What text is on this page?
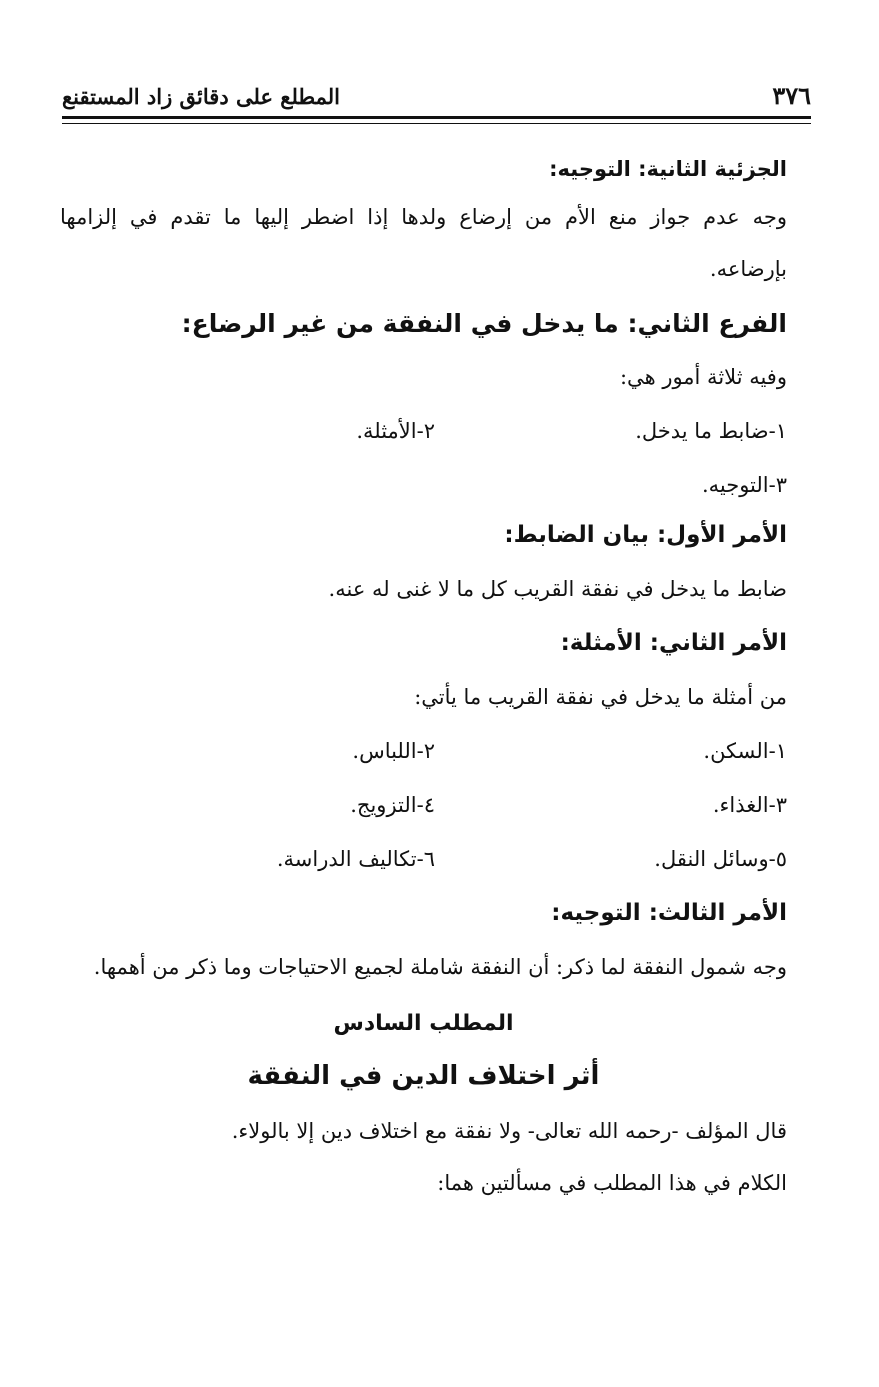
٣٧٦
المطلع على دقائق زاد المستقنع
الجزئية الثانية: التوجيه:
وجه عدم جواز منع الأم من إرضاع ولدها إذا اضطر إليها ما تقدم في إلزامها
بإرضاعه.
الفرع الثاني: ما يدخل في النفقة من غير الرضاع:
وفيه ثلاثة أمور هي:
١-ضابط ما يدخل.
٢-الأمثلة.
٣-التوجيه.
الأمر الأول: بيان الضابط:
ضابط ما يدخل في نفقة القريب كل ما لا غنى له عنه.
الأمر الثاني: الأمثلة:
من أمثلة ما يدخل في نفقة القريب ما يأتي:
١-السكن.
٢-اللباس.
٣-الغذاء.
٤-التزويج.
٥-وسائل النقل.
٦-تكاليف الدراسة.
الأمر الثالث: التوجيه:
وجه شمول النفقة لما ذكر: أن النفقة شاملة لجميع الاحتياجات وما ذكر من أهمها.
المطلب السادس
أثر اختلاف الدين في النفقة
قال المؤلف -رحمه الله تعالى- ولا نفقة مع اختلاف دين إلا بالولاء.
الكلام في هذا المطلب في مسألتين هما:
